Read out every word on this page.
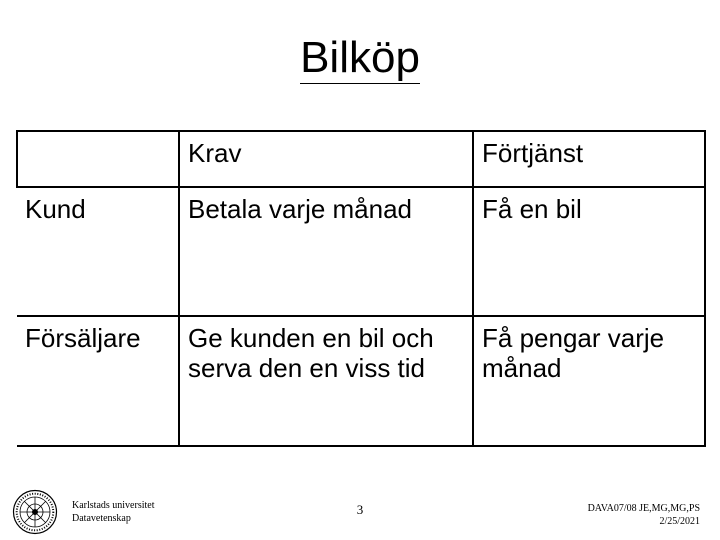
Bilköp
	Krav	Förtjänst
Kund	Betala varje månad	Få en bil
Försäljare	Ge kunden en bil och serva den en viss tid	Få pengar varje månad
Karlstads universitet
Datavetenskap
3	DAVA07/08 JE,MG,MG,PS
2/25/2021
